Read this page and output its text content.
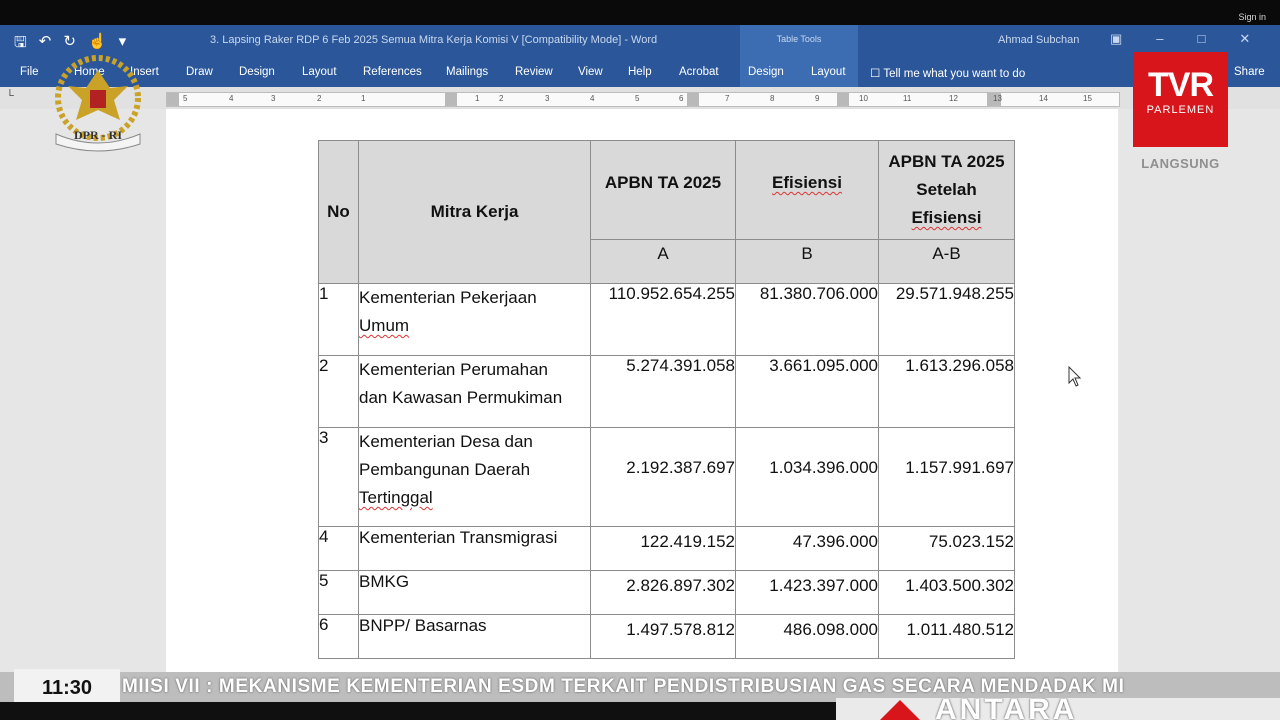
Sign in
🖫 ↶ ↻ ☝ ▾	3. Lapsing Raker RDP 6 Feb 2025 Semua Mitra Kerja Komisi V [Compatibility Mode] - Word	Ahmad Subchan ▣	–	□	✕
File	Home Insert Draw Design Layout References Mailings Review View Help Acrobat
Table Tools
Design Layout ☐ Tell me what you want to do	Share
└	5	4	3	2	1	1 2	3	4	5	6	7	8	9	10	11	12	13	14	15
No	Mitra Kerja	APBN TA 2025	Efisiensi	APBN TA 2025
Setelah
Efisiensi
		A	B	A-B
1	Kementerian Pekerjaan
Umum	110.952.654.255	81.380.706.000	29.571.948.255
2	Kementerian Perumahan
dan Kawasan Permukiman	5.274.391.058	3.661.095.000	1.613.296.058
3	Kementerian Desa dan
Pembangunan Daerah
Tertinggal	2.192.387.697	1.034.396.000	1.157.991.697
4	Kementerian Transmigrasi	122.419.152	47.396.000	75.023.152
5	BMKG	2.826.897.302	1.423.397.000	1.403.500.302
6	BNPP/ Basarnas	1.497.578.812	486.098.000	1.011.480.512
DPR - RI
TVR
PARLEMEN
LANGSUNG
MIISI VII : MEKANISME KEMENTERIAN ESDM TERKAIT PENDISTRIBUSIAN GAS SECARA MENDADAK MI
11:30
ANTARA
